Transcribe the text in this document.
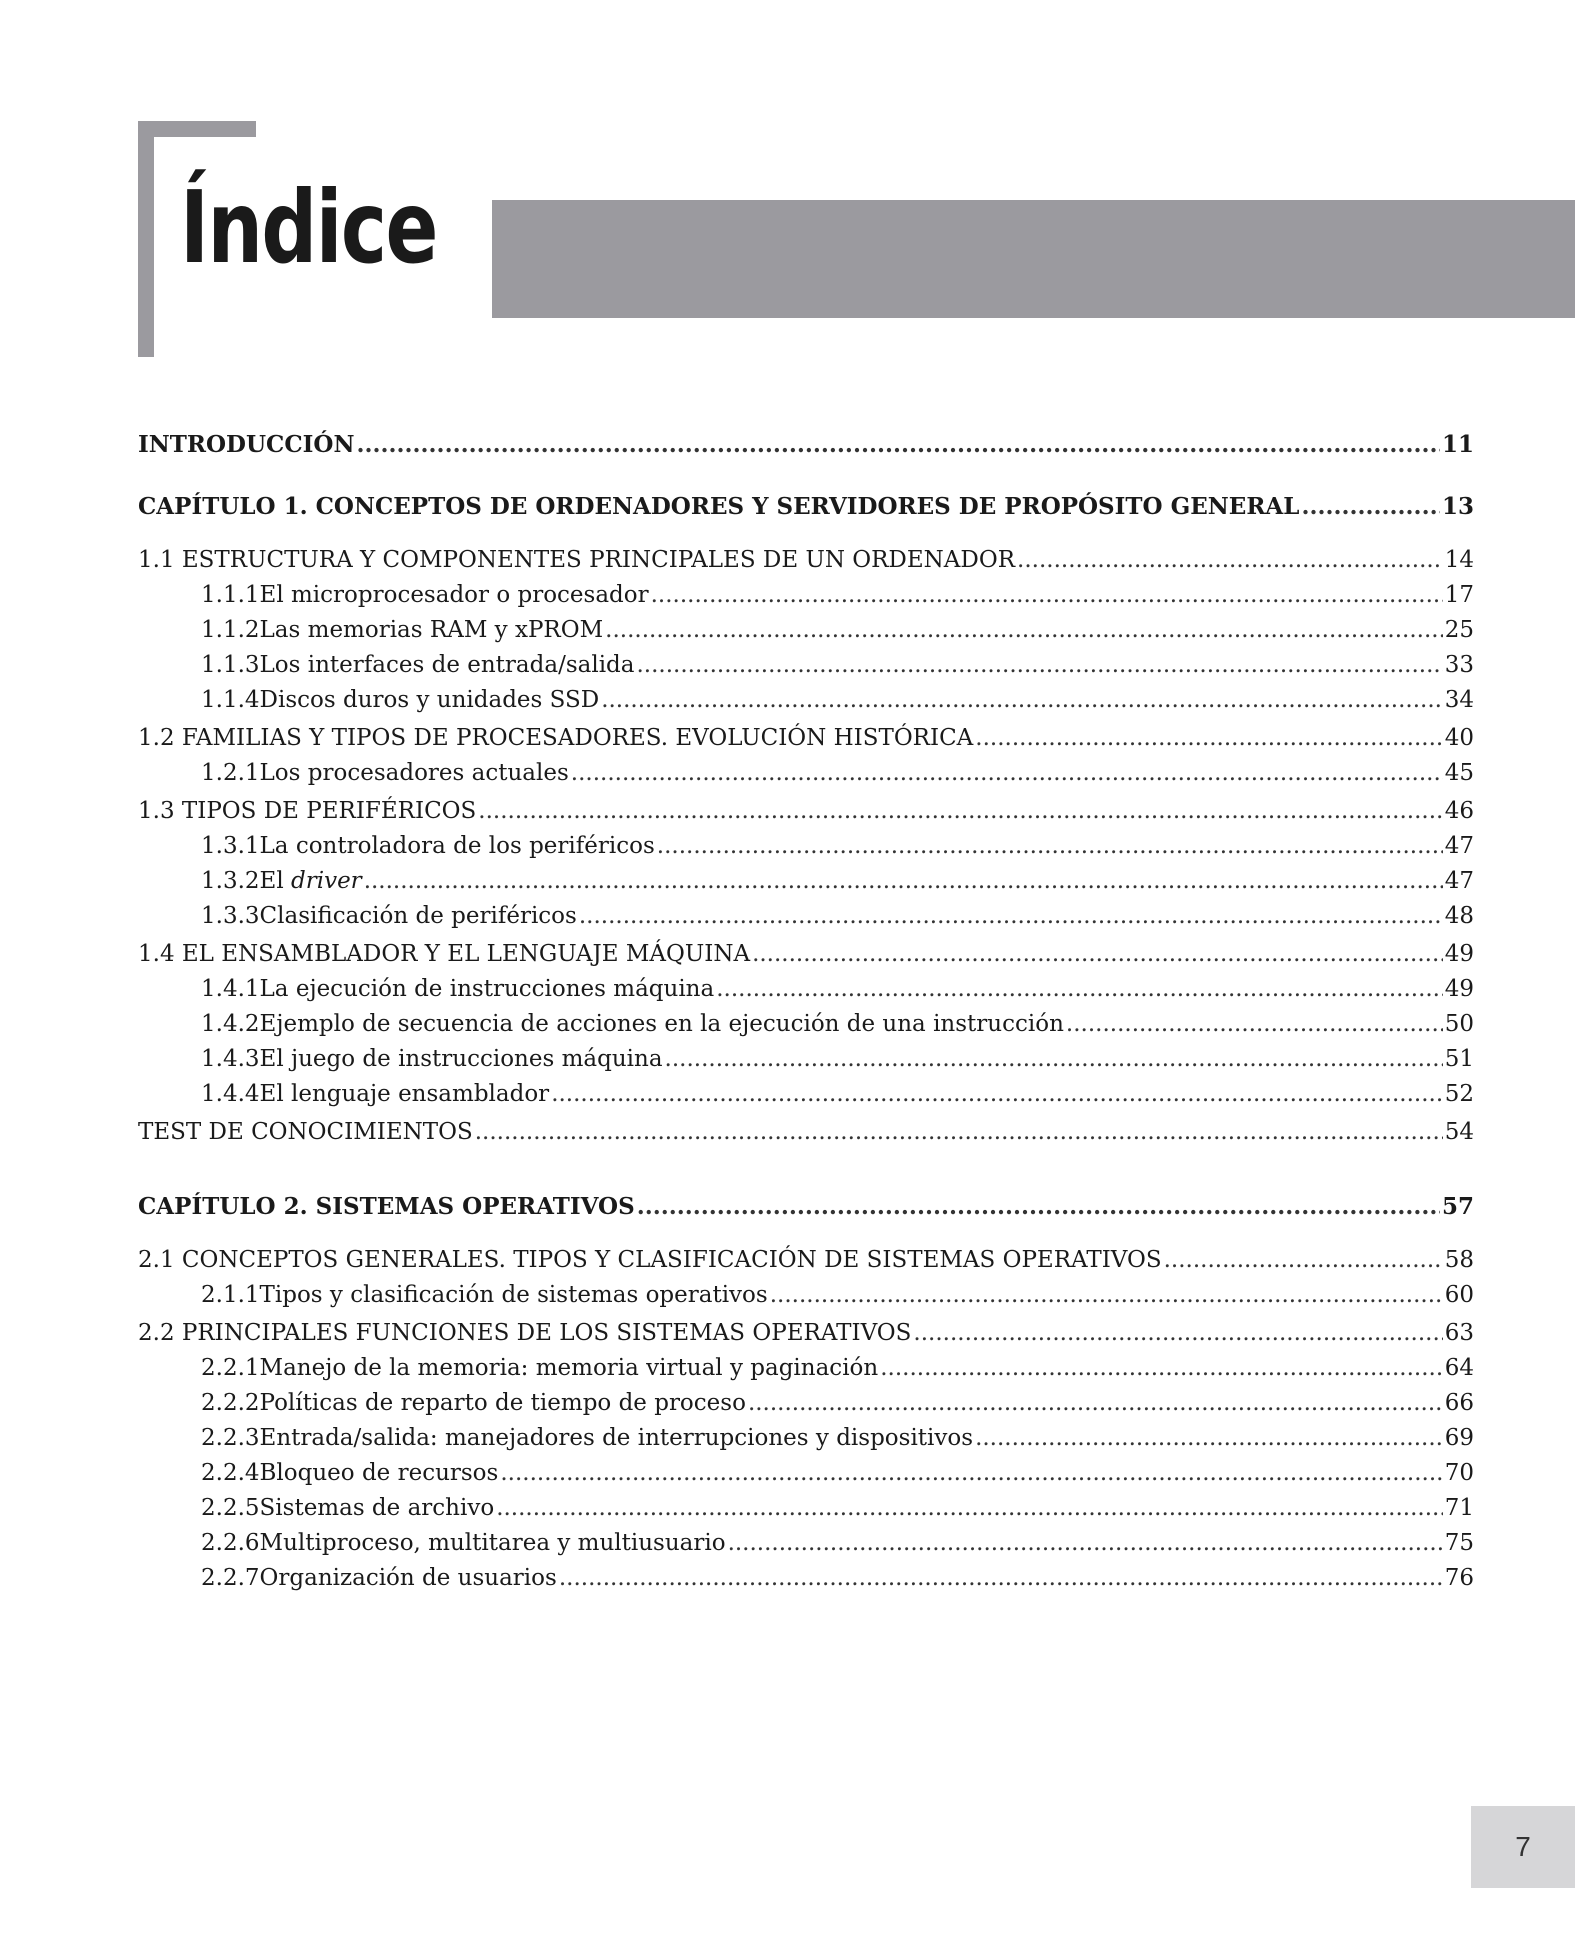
Índice
INTRODUCCIÓN .....	11
CAPÍTULO 1. CONCEPTOS DE ORDENADORES Y SERVIDORES DE PROPÓSITO GENERAL .....	13
1.1 ESTRUCTURA Y COMPONENTES PRINCIPALES DE UN ORDENADOR .....	14
1.1.1 El microprocesador o procesador .....	17
1.1.2 Las memorias RAM y xPROM .....	25
1.1.3 Los interfaces de entrada/salida .....	33
1.1.4 Discos duros y unidades SSD .....	34
1.2 FAMILIAS Y TIPOS DE PROCESADORES. EVOLUCIÓN HISTÓRICA .....	40
1.2.1 Los procesadores actuales .....	45
1.3 TIPOS DE PERIFÉRICOS .....	46
1.3.1 La controladora de los periféricos .....	47
1.3.2 El driver .....	47
1.3.3 Clasificación de periféricos .....	48
1.4 EL ENSAMBLADOR Y EL LENGUAJE MÁQUINA .....	49
1.4.1 La ejecución de instrucciones máquina .....	49
1.4.2 Ejemplo de secuencia de acciones en la ejecución de una instrucción .....	50
1.4.3 El juego de instrucciones máquina .....	51
1.4.4 El lenguaje ensamblador .....	52
TEST DE CONOCIMIENTOS .....	54
CAPÍTULO 2. SISTEMAS OPERATIVOS .....	57
2.1 CONCEPTOS GENERALES. TIPOS Y CLASIFICACIÓN DE SISTEMAS OPERATIVOS .....	58
2.1.1 Tipos y clasificación de sistemas operativos .....	60
2.2 PRINCIPALES FUNCIONES DE LOS SISTEMAS OPERATIVOS .....	63
2.2.1 Manejo de la memoria: memoria virtual y paginación .....	64
2.2.2 Políticas de reparto de tiempo de proceso .....	66
2.2.3 Entrada/salida: manejadores de interrupciones y dispositivos .....	69
2.2.4 Bloqueo de recursos .....	70
2.2.5 Sistemas de archivo .....	71
2.2.6 Multiproceso, multitarea y multiusuario .....	75
2.2.7 Organización de usuarios .....	76
7
